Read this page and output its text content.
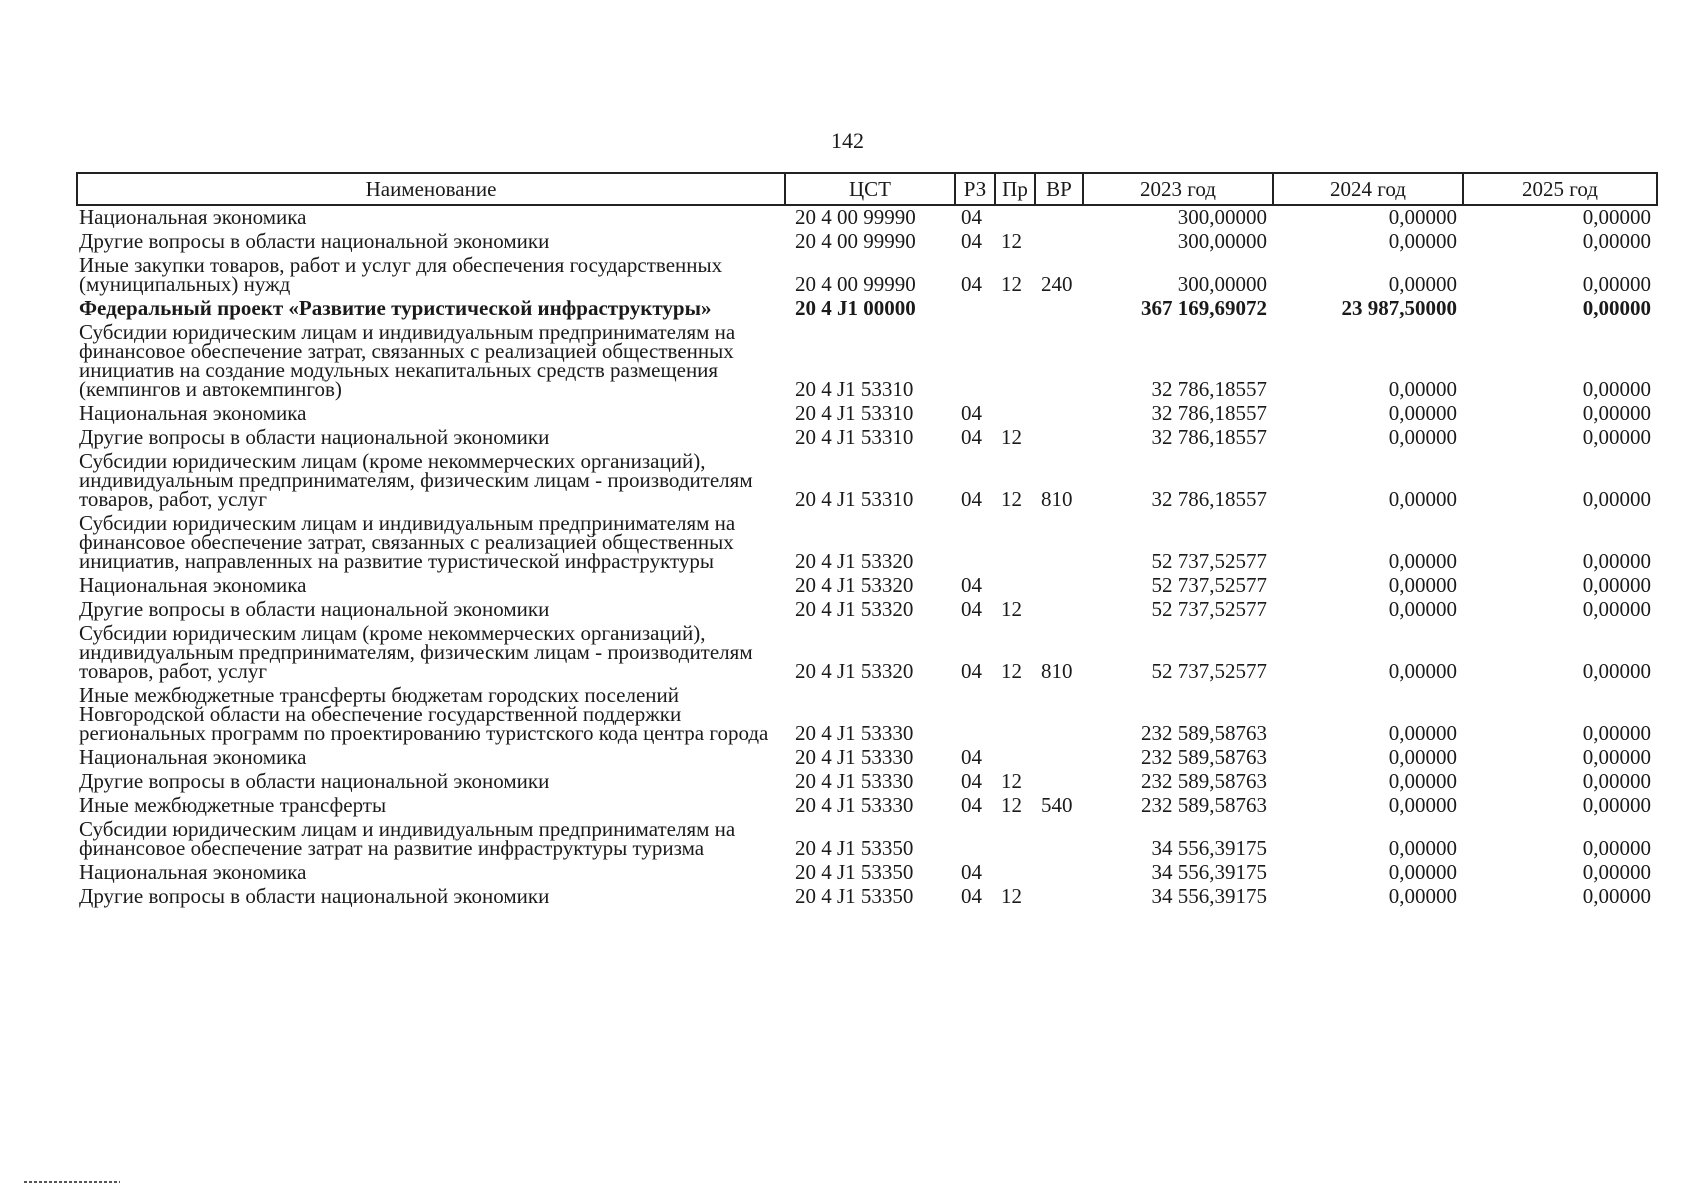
142
Наименование	ЦСТ	РЗ	Пр	ВР	2023 год	2024 год	2025 год
Национальная экономика	20 4 00 99990	04			300,00000	0,00000	0,00000
Другие вопросы в области национальной экономики	20 4 00 99990	04	12		300,00000	0,00000	0,00000
Иные закупки товаров, работ и услуг для обеспечения государственных (муниципальных) нужд	20 4 00 99990	04	12	240	300,00000	0,00000	0,00000
Федеральный проект «Развитие туристической инфраструктуры»	20 4 J1 00000				367 169,69072	23 987,50000	0,00000
Субсидии юридическим лицам и индивидуальным предпринимателям на финансовое обеспечение затрат, связанных с реализацией общественных инициатив на создание модульных некапитальных средств размещения (кемпингов и автокемпингов)	20 4 J1 53310				32 786,18557	0,00000	0,00000
Национальная экономика	20 4 J1 53310	04			32 786,18557	0,00000	0,00000
Другие вопросы в области национальной экономики	20 4 J1 53310	04	12		32 786,18557	0,00000	0,00000
Субсидии юридическим лицам (кроме некоммерческих организаций), индивидуальным предпринимателям, физическим лицам - производителям товаров, работ, услуг	20 4 J1 53310	04	12	810	32 786,18557	0,00000	0,00000
Субсидии юридическим лицам и индивидуальным предпринимателям на финансовое обеспечение затрат, связанных с реализацией общественных инициатив, направленных на развитие туристической инфраструктуры	20 4 J1 53320				52 737,52577	0,00000	0,00000
Национальная экономика	20 4 J1 53320	04			52 737,52577	0,00000	0,00000
Другие вопросы в области национальной экономики	20 4 J1 53320	04	12		52 737,52577	0,00000	0,00000
Субсидии юридическим лицам (кроме некоммерческих организаций), индивидуальным предпринимателям, физическим лицам - производителям товаров, работ, услуг	20 4 J1 53320	04	12	810	52 737,52577	0,00000	0,00000
Иные межбюджетные трансферты бюджетам городских поселений Новгородской области на обеспечение государственной поддержки региональных программ по проектированию туристского кода центра города	20 4 J1 53330				232 589,58763	0,00000	0,00000
Национальная экономика	20 4 J1 53330	04			232 589,58763	0,00000	0,00000
Другие вопросы в области национальной экономики	20 4 J1 53330	04	12		232 589,58763	0,00000	0,00000
Иные межбюджетные трансферты	20 4 J1 53330	04	12	540	232 589,58763	0,00000	0,00000
Субсидии юридическим лицам и индивидуальным предпринимателям на финансовое обеспечение затрат на развитие инфраструктуры туризма	20 4 J1 53350				34 556,39175	0,00000	0,00000
Национальная экономика	20 4 J1 53350	04			34 556,39175	0,00000	0,00000
Другие вопросы в области национальной экономики	20 4 J1 53350	04	12		34 556,39175	0,00000	0,00000
